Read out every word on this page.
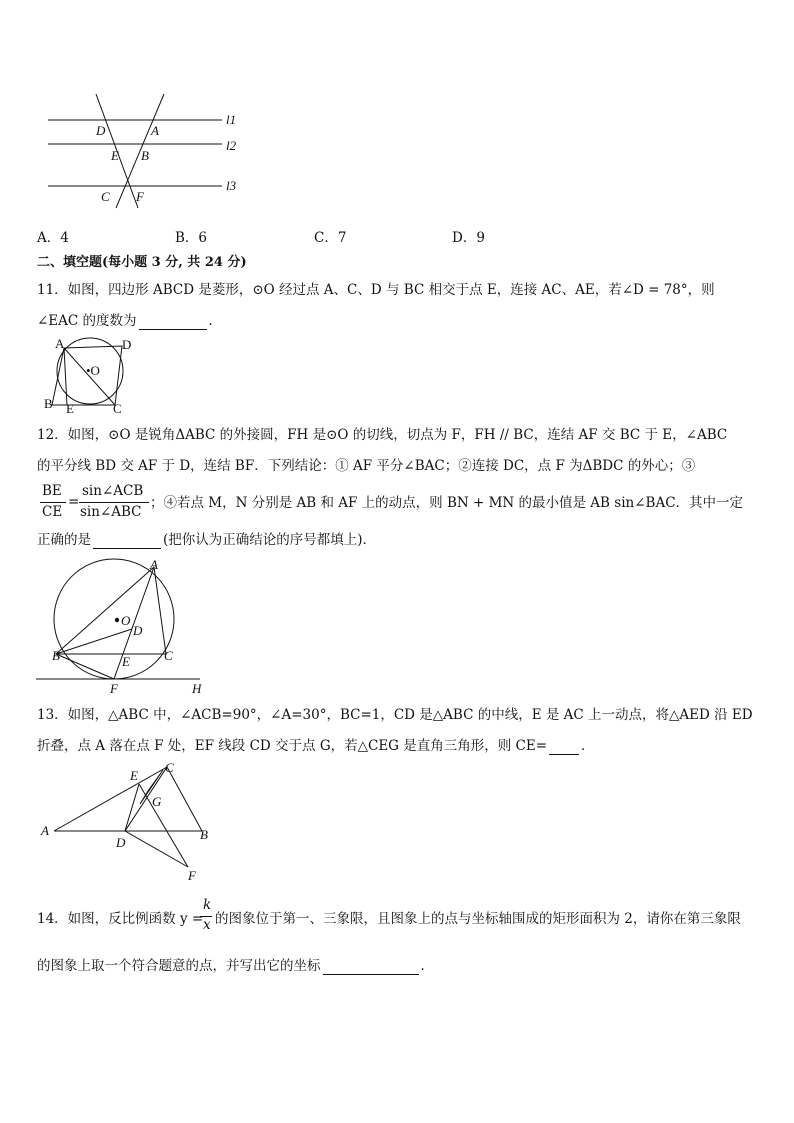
l1
l2
l3
D	A
E B
C F
A．4	B．6	C．7	D．9
二、填空题(每小题 3 分, 共 24 分)
11．如图，四边形 ABCD 是菱形，⊙O 经过点 A、C、D 与 BC 相交于点 E，连接 AC、AE，若∠D = 78°，则
∠EAC 的度数为	．
A	D
•O
B E	C
12．如图，⊙O 是锐角ΔABC 的外接圆，FH 是⊙O 的切线，切点为 F，FH // BC，连结 AF 交 BC 于 E，∠ABC
的平分线 BD 交 AF 于 D，连结 BF．下列结论：① AF 平分∠BAC；②连接 DC，点 F 为ΔBDC 的外心；③
BE
CE
=
sin∠ACB
sin∠ABC
；④若点 M，N 分别是 AB 和 AF 上的动点，则 BN + MN 的最小值是 AB sin∠BAC．其中一定
正确的是	(把你认为正确结论的序号都填上)．
A
O
D
B	C
E
F	H
13．如图，△ABC 中，∠ACB=90°，∠A=30°，BC=1，CD 是△ABC 的中线，E 是 AC 上一动点，将△AED 沿 ED
折叠，点 A 落在点 F 处，EF 线段 CD 交于点 G，若△CEG 是直角三角形，则 CE=	．
A	B
C
D
E
F
G
14．如图，反比例函数 y =
k
x 的图象位于第一、三象限，且图象上的点与坐标轴围成的矩形面积为 2，请你在第三象限
的图象上取一个符合题意的点，并写出它的坐标	．
